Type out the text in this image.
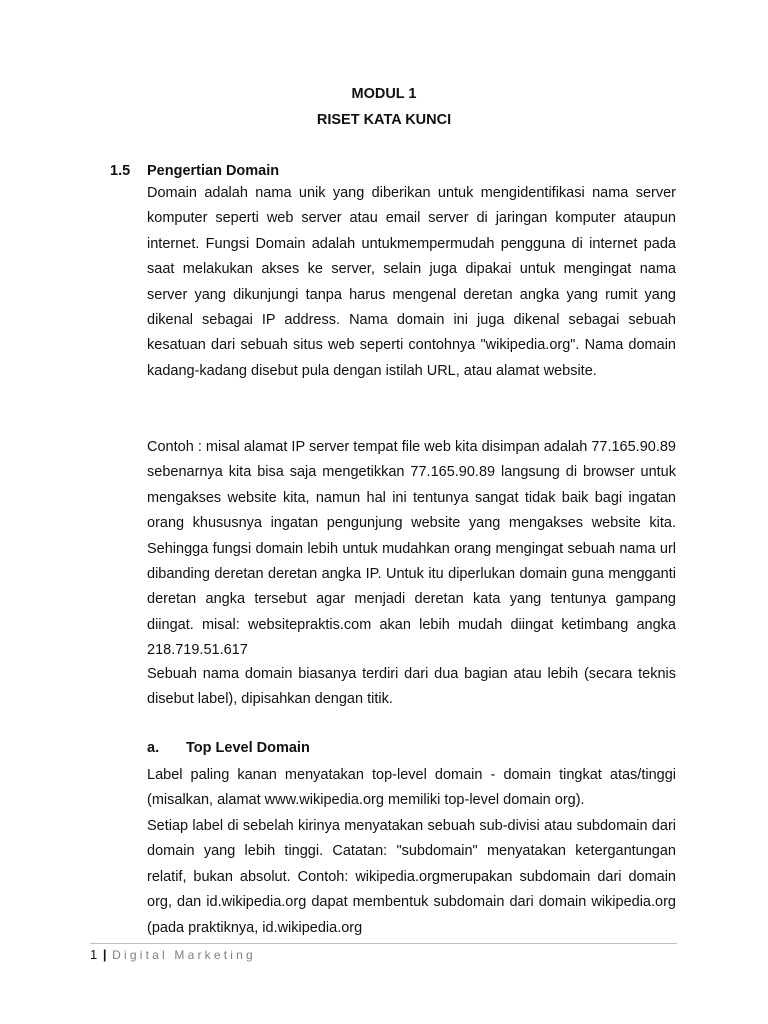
MODUL 1
RISET KATA KUNCI
1.5 Pengertian Domain

Domain adalah nama unik yang diberikan untuk mengidentifikasi nama server komputer seperti web server atau email server di jaringan komputer ataupun internet. Fungsi Domain adalah untukmempermudah pengguna di internet pada saat melakukan akses ke server, selain juga dipakai untuk mengingat nama server yang dikunjungi tanpa harus mengenal deretan angka yang rumit yang dikenal sebagai IP address. Nama domain ini juga dikenal sebagai sebuah kesatuan dari sebuah situs web seperti contohnya "wikipedia.org". Nama domain kadang-kadang disebut pula dengan istilah URL, atau alamat website.

Contoh : misal alamat IP server tempat file web kita disimpan adalah 77.165.90.89 sebenarnya kita bisa saja mengetikkan 77.165.90.89 langsung di browser untuk mengakses website kita, namun hal ini tentunya sangat tidak baik bagi ingatan orang khususnya ingatan pengunjung website yang mengakses website kita. Sehingga fungsi domain lebih untuk mudahkan orang mengingat sebuah nama url dibanding deretan deretan angka IP. Untuk itu diperlukan domain guna mengganti deretan angka tersebut agar menjadi deretan kata yang tentunya gampang diingat. misal: websitepraktis.com akan lebih mudah diingat ketimbang angka 218.719.51.617

Sebuah nama domain biasanya terdiri dari dua bagian atau lebih (secara teknis disebut label), dipisahkan dengan titik.

a. Top Level Domain

Label paling kanan menyatakan top-level domain - domain tingkat atas/tinggi (misalkan, alamat www.wikipedia.org memiliki top-level domain org).

Setiap label di sebelah kirinya menyatakan sebuah sub-divisi atau subdomain dari domain yang lebih tinggi. Catatan: "subdomain" menyatakan ketergantungan relatif, bukan absolut. Contoh: wikipedia.orgmerupakan subdomain dari domain org, dan id.wikipedia.org dapat membentuk subdomain dari domain wikipedia.org (pada praktiknya, id.wikipedia.org

1 | Digital Marketing
